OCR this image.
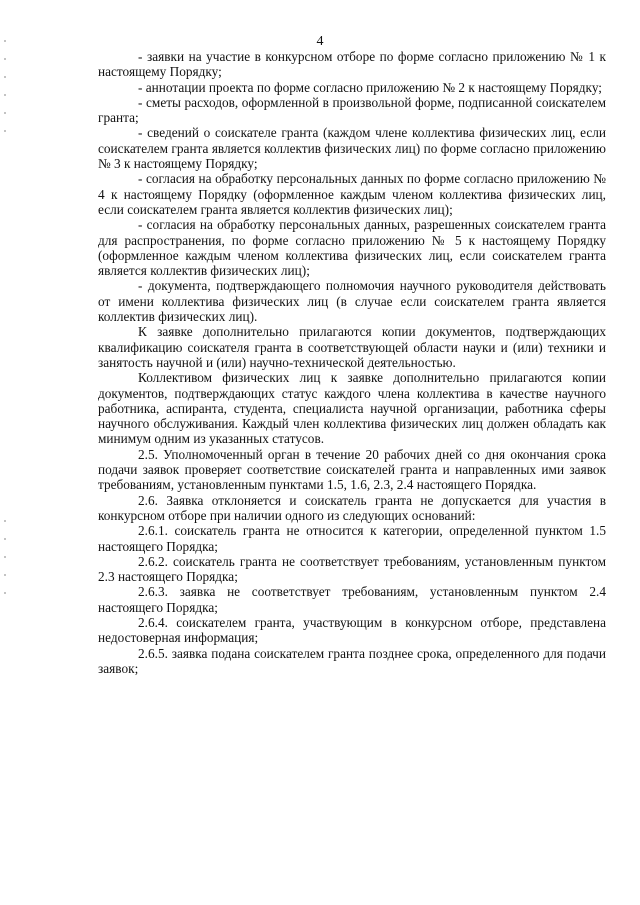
4

- заявки на участие в конкурсном отборе по форме согласно приложению № 1 к настоящему Порядку;

- аннотации проекта по форме согласно приложению № 2 к настоящему Порядку;

- сметы расходов, оформленной в произвольной форме, подписанной соискателем гранта;

- сведений о соискателе гранта (каждом члене коллектива физических лиц, если соискателем гранта является коллектив физических лиц) по форме согласно приложению № 3 к настоящему Порядку;

- согласия на обработку персональных данных по форме согласно приложению № 4 к настоящему Порядку (оформленное каждым членом коллектива физических лиц, если соискателем гранта является коллектив физических лиц);

- согласия на обработку персональных данных, разрешенных соискателем гранта для распространения, по форме согласно приложению № 5 к настоящему Порядку (оформленное каждым членом коллектива физических лиц, если соискателем гранта является коллектив физических лиц);

- документа, подтверждающего полномочия научного руководителя действовать от имени коллектива физических лиц (в случае если соискателем гранта является коллектив физических лиц).

К заявке дополнительно прилагаются копии документов, подтверждающих квалификацию соискателя гранта в соответствующей области науки и (или) техники и занятость научной и (или) научно-технической деятельностью.

Коллективом физических лиц к заявке дополнительно прилагаются копии документов, подтверждающих статус каждого члена коллектива в качестве научного работника, аспиранта, студента, специалиста научной организации, работника сферы научного обслуживания. Каждый член коллектива физических лиц должен обладать как минимум одним из указанных статусов.

2.5. Уполномоченный орган в течение 20 рабочих дней со дня окончания срока подачи заявок проверяет соответствие соискателей гранта и направленных ими заявок требованиям, установленным пунктами 1.5, 1.6, 2.3, 2.4 настоящего Порядка.

2.6. Заявка отклоняется и соискатель гранта не допускается для участия в конкурсном отборе при наличии одного из следующих оснований:

2.6.1. соискатель гранта не относится к категории, определенной пунктом 1.5 настоящего Порядка;

2.6.2. соискатель гранта не соответствует требованиям, установленным пунктом 2.3 настоящего Порядка;

2.6.3. заявка не соответствует требованиям, установленным пунктом 2.4 настоящего Порядка;

2.6.4. соискателем гранта, участвующим в конкурсном отборе, представлена недостоверная информация;

2.6.5. заявка подана соискателем гранта позднее срока, определенного для подачи заявок;
